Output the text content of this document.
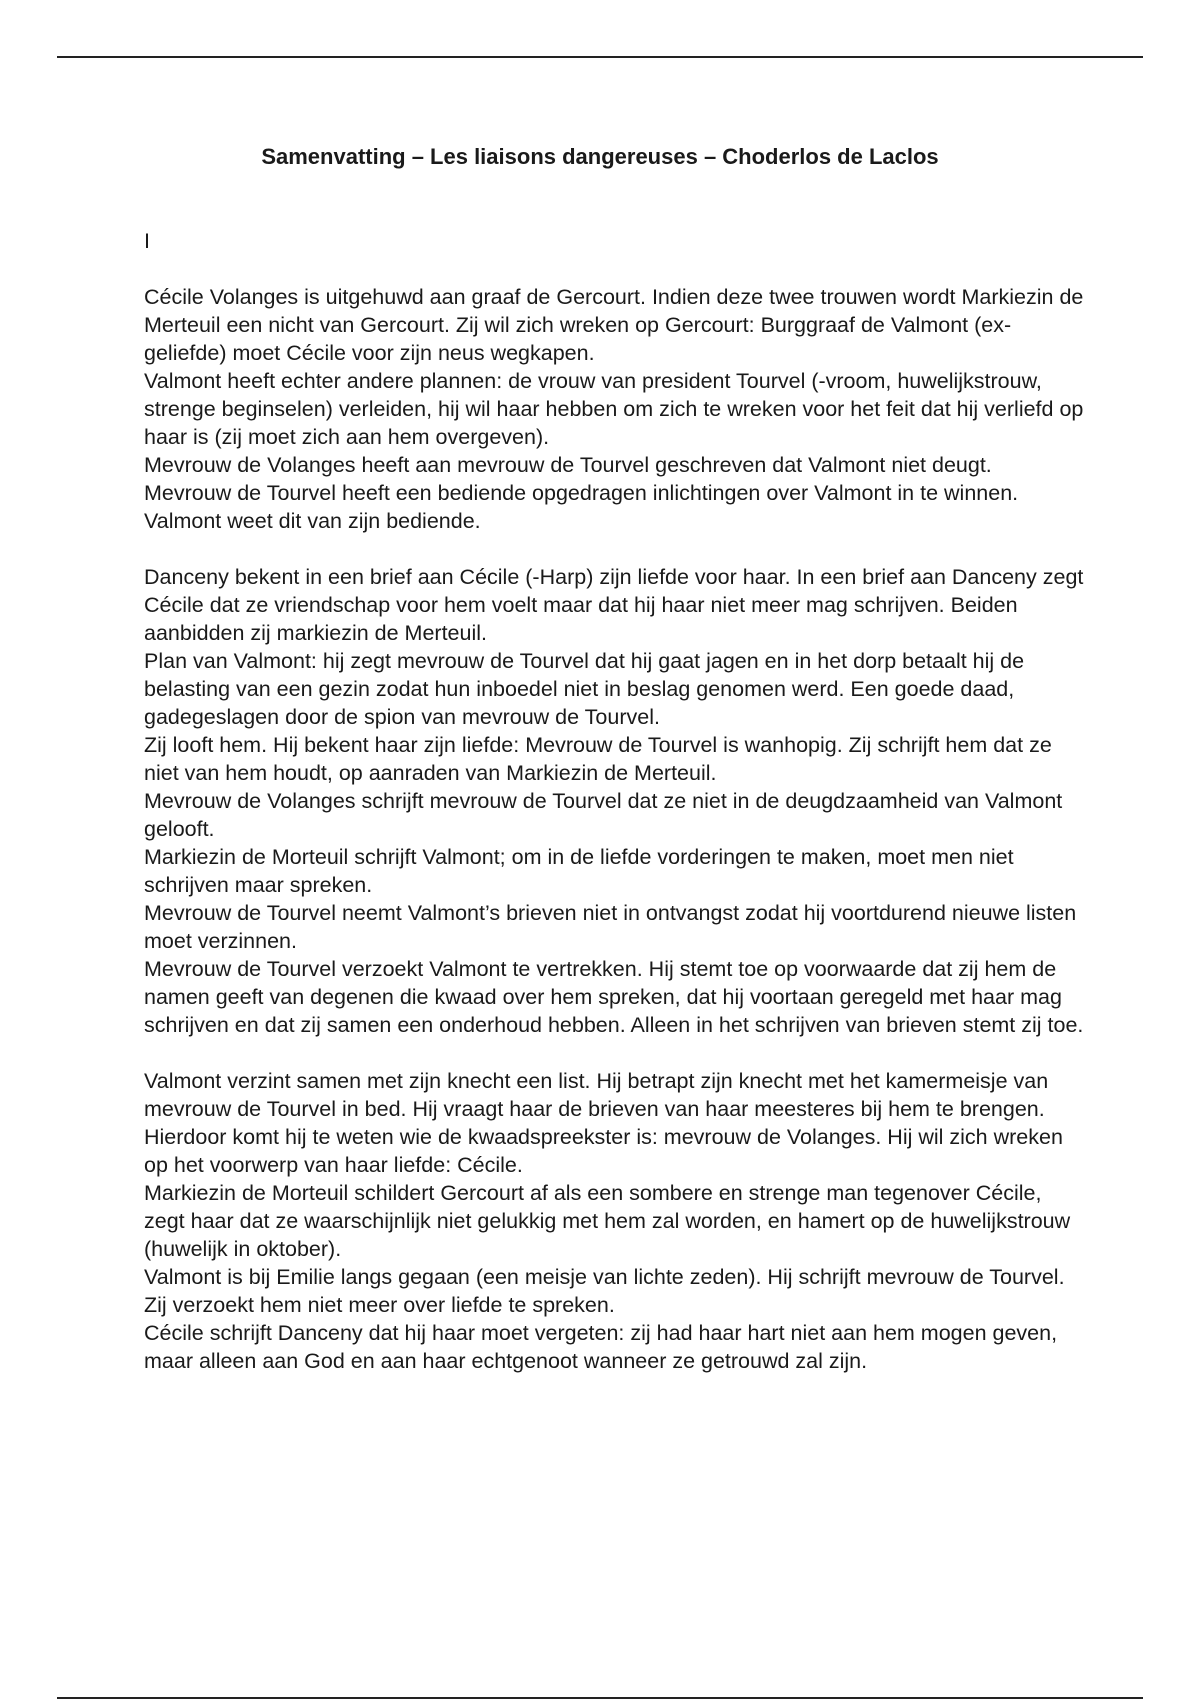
Samenvatting – Les liaisons dangereuses – Choderlos de Laclos
I

Cécile Volanges is uitgehuwd aan graaf de Gercourt. Indien deze twee trouwen wordt Markiezin de Merteuil een nicht van Gercourt. Zij wil zich wreken op Gercourt: Burggraaf de Valmont (ex-geliefde) moet Cécile voor zijn neus wegkapen.

Valmont heeft echter andere plannen: de vrouw van president Tourvel (-vroom, huwelijkstrouw, strenge beginselen) verleiden, hij wil haar hebben om zich te wreken voor het feit dat hij verliefd op haar is (zij moet zich aan hem overgeven).

Mevrouw de Volanges heeft aan mevrouw de Tourvel geschreven dat Valmont niet deugt. Mevrouw de Tourvel heeft een bediende opgedragen inlichtingen over Valmont in te winnen. Valmont weet dit van zijn bediende.

Danceny bekent in een brief aan Cécile (-Harp) zijn liefde voor haar. In een brief aan Danceny zegt Cécile dat ze vriendschap voor hem voelt maar dat hij haar niet meer mag schrijven. Beiden aanbidden zij markiezin de Merteuil.

Plan van Valmont: hij zegt mevrouw de Tourvel dat hij gaat jagen en in het dorp betaalt hij de belasting van een gezin zodat hun inboedel niet in beslag genomen werd. Een goede daad, gadegeslagen door de spion van mevrouw de Tourvel.

Zij looft hem. Hij bekent haar zijn liefde: Mevrouw de Tourvel is wanhopig. Zij schrijft hem dat ze niet van hem houdt, op aanraden van Markiezin de Merteuil.

Mevrouw de Volanges schrijft mevrouw de Tourvel dat ze niet in de deugdzaamheid van Valmont gelooft.

Markiezin de Morteuil schrijft Valmont; om in de liefde vorderingen te maken, moet men niet schrijven maar spreken.

Mevrouw de Tourvel neemt Valmont’s brieven niet in ontvangst zodat hij voortdurend nieuwe listen moet verzinnen.

Mevrouw de Tourvel verzoekt Valmont te vertrekken. Hij stemt toe op voorwaarde dat zij hem de namen geeft van degenen die kwaad over hem spreken, dat hij voortaan geregeld met haar mag schrijven en dat zij samen een onderhoud hebben. Alleen in het schrijven van brieven stemt zij toe.

Valmont verzint samen met zijn knecht een list. Hij betrapt zijn knecht met het kamermeisje van mevrouw de Tourvel in bed. Hij vraagt haar de brieven van haar meesteres bij hem te brengen. Hierdoor komt hij te weten wie de kwaadspreekster is: mevrouw de Volanges. Hij wil zich wreken op het voorwerp van haar liefde: Cécile.

Markiezin de Morteuil schildert Gercourt af als een sombere en strenge man tegenover Cécile, zegt haar dat ze waarschijnlijk niet gelukkig met hem zal worden, en hamert op de huwelijkstrouw (huwelijk in oktober).

Valmont is bij Emilie langs gegaan (een meisje van lichte zeden). Hij schrijft mevrouw de Tourvel. Zij verzoekt hem niet meer over liefde te spreken.

Cécile schrijft Danceny dat hij haar moet vergeten: zij had haar hart niet aan hem mogen geven, maar alleen aan God en aan haar echtgenoot wanneer ze getrouwd zal zijn.
